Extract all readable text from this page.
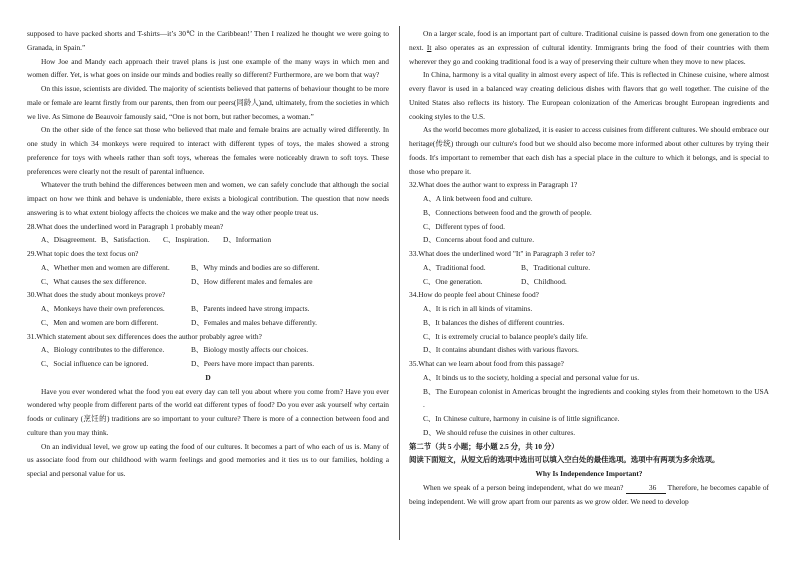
supposed to have packed shorts and T-shirts—it’s 30℃ in the Caribbean!’ Then I realized he thought we were going to Granada, in Spain.”

How Joe and Mandy each approach their travel plans is just one example of the many ways in which men and women differ. Yet, is what goes on inside our minds and bodies really so different? Furthermore, are we born that way?

On this issue, scientists are divided. The majority of scientists believed that patterns of behaviour thought to be more male or female are learnt firstly from our parents, then from our peers(同龄人)and, ultimately, from the societies in which we live. As Simone de Beauvoir famously said, “One is not born, but rather becomes, a woman.”

On the other side of the fence sat those who believed that male and female brains are actually wired differently. In one study in which 34 monkeys were required to interact with different types of toys, the males showed a strong preference for toys with wheels rather than soft toys, whereas the females were noticeably drawn to soft toys. These preferences were clearly not the result of parental influence.

Whatever the truth behind the differences between men and women, we can safely conclude that although the social impact on how we think and behave is undeniable, there exists a biological contribution. The question that now needs answering is to what extent biology affects the choices we make and the way other people treat us.

28.What does the underlined word in Paragraph 1 probably mean?

A、Disagreement. B、Satisfaction.	C、Inspiration.	D、Information

29.What topic does the text focus on?

A、Whether men and women are different.	B、Why minds and bodies are so different.
C、What causes the sex difference.	D、How different males and females are

30.What does the study about monkeys prove?

A、Monkeys have their own preferences.	B、Parents indeed have strong impacts.
C、Men and women are born different.	D、Females and males behave differently.

31.Which statement about sex differences does the author probably agree with?

A、Biology contributes to the difference.	B、Biology mostly affects our choices.
C、Social influence can be ignored.	D、Peers have more impact than parents.

D

Have you ever wondered what the food you eat every day can tell you about where you come from? Have you ever wondered why people from different parts of the world eat different types of food? Do you ever ask yourself why certain foods or culinary (烹饪的) traditions are so important to your culture? There is more of a connection between food and culture than you may think.

On an individual level, we grow up eating the food of our cultures. It becomes a part of who each of us is. Many of us associate food from our childhood with warm feelings and good memories and it ties us to our families, holding a special and personal value for us.

On a larger scale, food is an important part of culture. Traditional cuisine is passed down from one generation to the next. It also operates as an expression of cultural identity. Immigrants bring the food of their countries with them wherever they go and cooking traditional food is a way of preserving their culture when they move to new places.

In China, harmony is a vital quality in almost every aspect of life. This is reflected in Chinese cuisine, where almost every flavor is used in a balanced way creating delicious dishes with flavors that go well together. The cuisine of the United States also reflects its history. The European colonization of the Americas brought European ingredients and cooking styles to the U.S.

As the world becomes more globalized, it is easier to access cuisines from different cultures. We should embrace our heritage(传统) through our culture's food but we should also become more informed about other cultures by trying their foods. It's important to remember that each dish has a special place in the culture to which it belongs, and is special to those who prepare it.

32.What does the author want to express in Paragraph 1?

A、A link between food and culture.

B、Connections between food and the growth of people.

C、Different types of food.

D、Concerns about food and culture.

33.What does the underlined word "It" in Paragraph 3 refer to?

A、Traditional food.	B、Traditional culture.
C、One generation.	D、Childhood.

34.How do people feel about Chinese food?

A、It is rich in all kinds of vitamins.

B、It balances the dishes of different countries.

C、It is extremely crucial to balance people's daily life.

D、It contains abundant dishes with various flavors.

35.What can we learn about food from this passage?

A、It binds us to the society, holding a special and personal value for us.

B、The European colonist in Americas brought the ingredients and cooking styles from their hometown to the USA .

C、In Chinese culture, harmony in cuisine is of little significance.

D、We should refuse the cuisines in other cultures.

第二节（共 5 小题；每小题 2.5 分，共 10 分）

阅读下面短文，从短文后的选项中选出可以填入空白处的最佳选项。选项中有两项为多余选项。

Why Is Independence Important?

When we speak of a person being independent, what do we mean?	36 Therefore, he becomes capable of being independent. We will grow apart from our parents as we grow older. We need to develop
